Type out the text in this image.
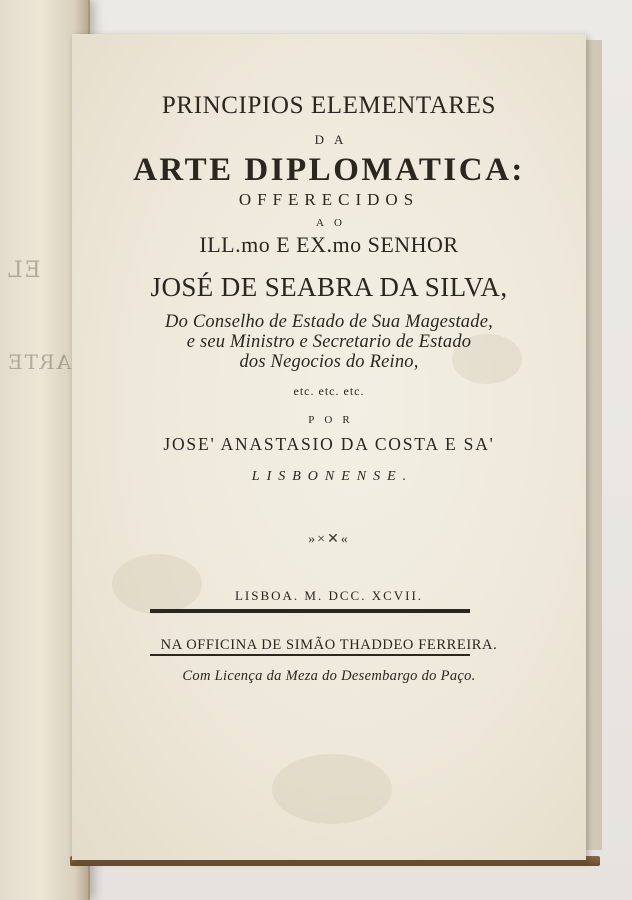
EL
ARTE
PRINCIPIOS ELEMENTARES
DA
ARTE DIPLOMATICA:
OFFERECIDOS
AO
ILL.mo E EX.mo SENHOR
JOSÉ DE SEABRA DA SILVA,
Do Conselho de Estado de Sua Magestade,
e seu Ministro e Secretario de Estado
dos Negocios do Reino,
etc. etc. etc.
POR
JOSE' ANASTASIO DA COSTA E SA'
LISBONENSE.
»×✕«
LISBOA. M. DCC. XCVII.
NA OFFICINA DE SIMÃO THADDEO FERREIRA.
Com Licença da Meza do Desembargo do Paço.
